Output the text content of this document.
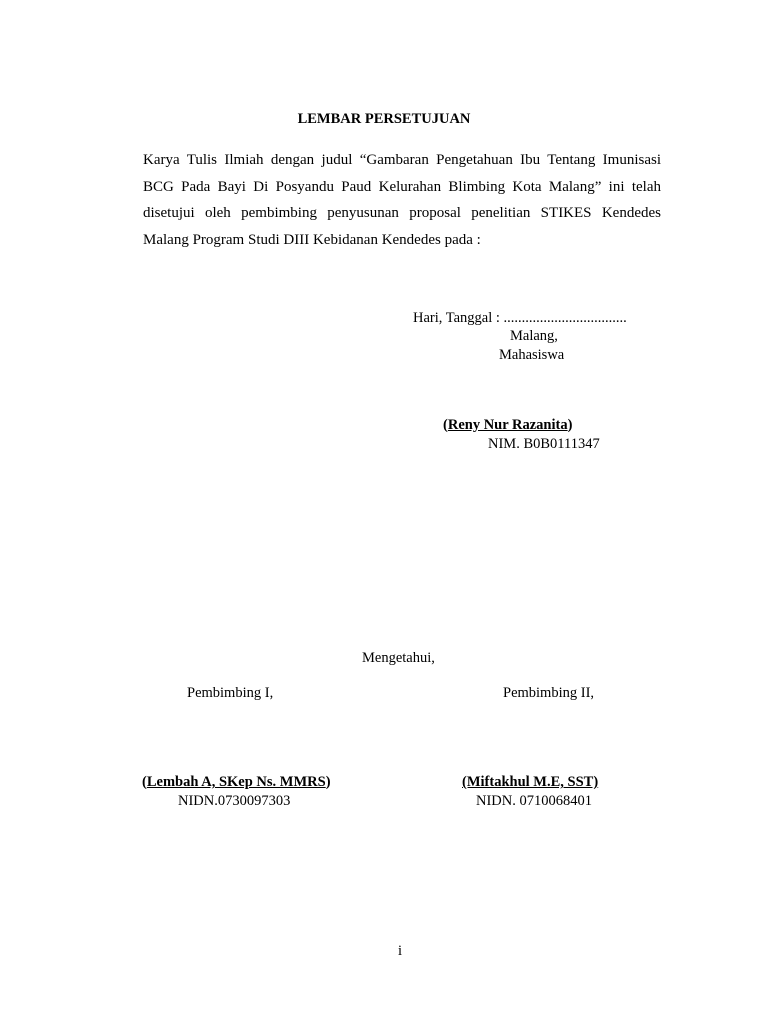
LEMBAR PERSETUJUAN
Karya Tulis Ilmiah dengan judul “Gambaran Pengetahuan Ibu Tentang Imunisasi
BCG Pada Bayi Di Posyandu Paud Kelurahan Blimbing Kota Malang” ini telah
disetujui oleh pembimbing penyusunan proposal penelitian STIKES Kendedes
Malang Program Studi DIII Kebidanan Kendedes pada :
Hari, Tanggal : ..................................
Malang,
Mahasiswa
(Reny Nur Razanita)
NIM. B0B0111347
Mengetahui,
Pembimbing I,	Pembimbing II,
(Lembah A, SKep Ns. MMRS)
NIDN.0730097303
(Miftakhul M.E, SST)
NIDN. 0710068401
i
